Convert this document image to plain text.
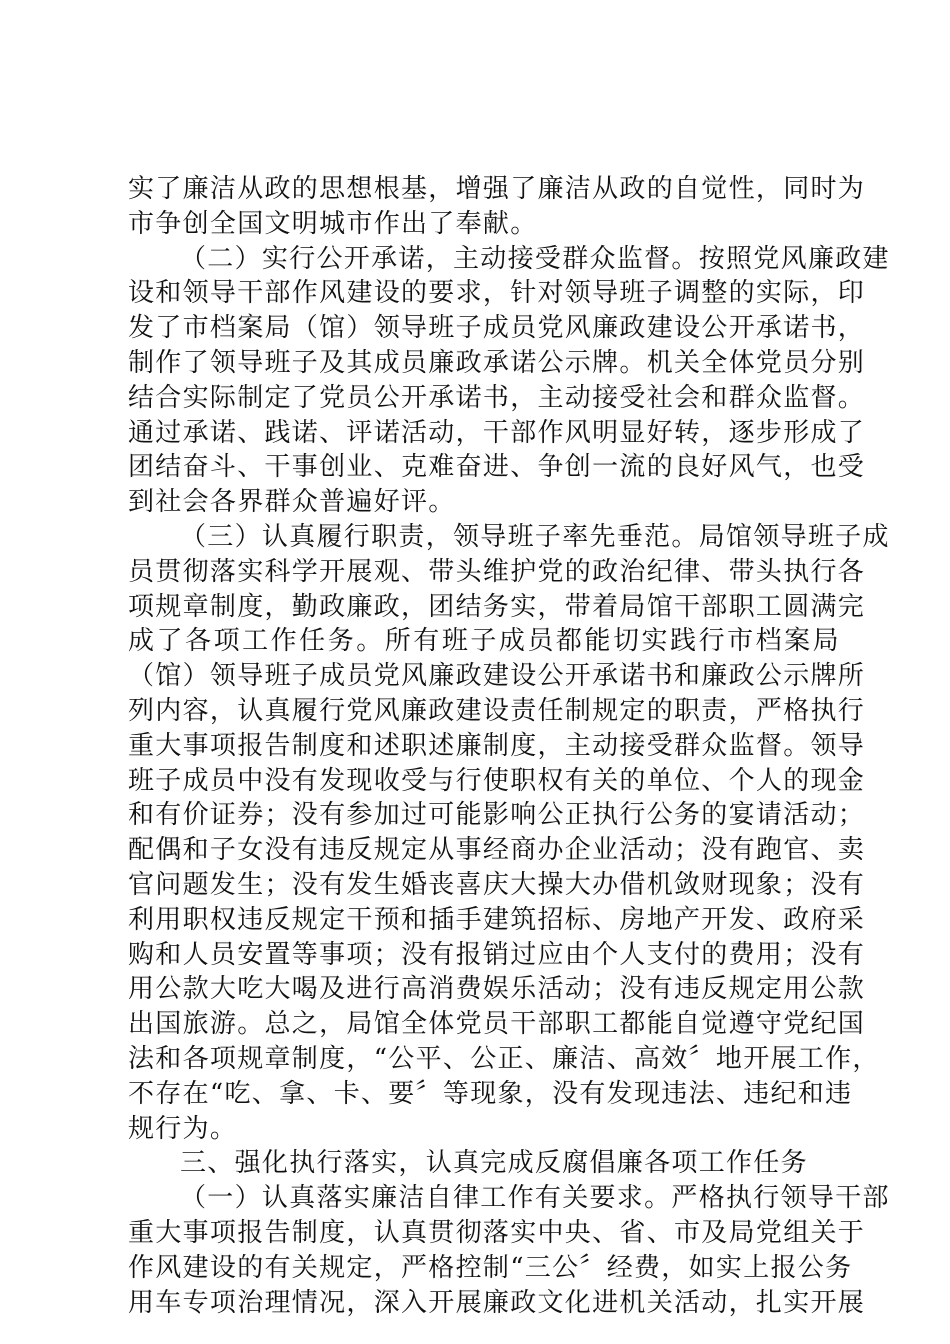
实了廉洁从政的思想根基，增强了廉洁从政的自觉性，同时为
市争创全国文明城市作出了奉献。
（二）实行公开承诺，主动接受群众监督。按照党风廉政建
设和领导干部作风建设的要求，针对领导班子调整的实际，印
发了市档案局（馆）领导班子成员党风廉政建设公开承诺书，
制作了领导班子及其成员廉政承诺公示牌。机关全体党员分别
结合实际制定了党员公开承诺书，主动接受社会和群众监督。
通过承诺、践诺、评诺活动，干部作风明显好转，逐步形成了
团结奋斗、干事创业、克难奋进、争创一流的良好风气，也受
到社会各界群众普遍好评。
（三）认真履行职责，领导班子率先垂范。局馆领导班子成
员贯彻落实科学开展观、带头维护党的政治纪律、带头执行各
项规章制度，勤政廉政，团结务实，带着局馆干部职工圆满完
成了各项工作任务。所有班子成员都能切实践行市档案局
（馆）领导班子成员党风廉政建设公开承诺书和廉政公示牌所
列内容，认真履行党风廉政建设责任制规定的职责，严格执行
重大事项报告制度和述职述廉制度，主动接受群众监督。领导
班子成员中没有发现收受与行使职权有关的单位、个人的现金
和有价证券；没有参加过可能影响公正执行公务的宴请活动；
配偶和子女没有违反规定从事经商办企业活动；没有跑官、卖
官问题发生；没有发生婚丧喜庆大操大办借机敛财现象；没有
利用职权违反规定干预和插手建筑招标、房地产开发、政府采
购和人员安置等事项；没有报销过应由个人支付的费用；没有
用公款大吃大喝及进行高消费娱乐活动；没有违反规定用公款
出国旅游。总之，局馆全体党员干部职工都能自觉遵守党纪国
法和各项规章制度，“公平、公正、廉洁、高效〞地开展工作，
不存在“吃、拿、卡、要〞等现象，没有发现违法、违纪和违
规行为。
三、强化执行落实，认真完成反腐倡廉各项工作任务
（一）认真落实廉洁自律工作有关要求。严格执行领导干部
重大事项报告制度，认真贯彻落实中央、省、市及局党组关于
作风建设的有关规定，严格控制“三公〞经费，如实上报公务
用车专项治理情况，深入开展廉政文化进机关活动，扎实开展
